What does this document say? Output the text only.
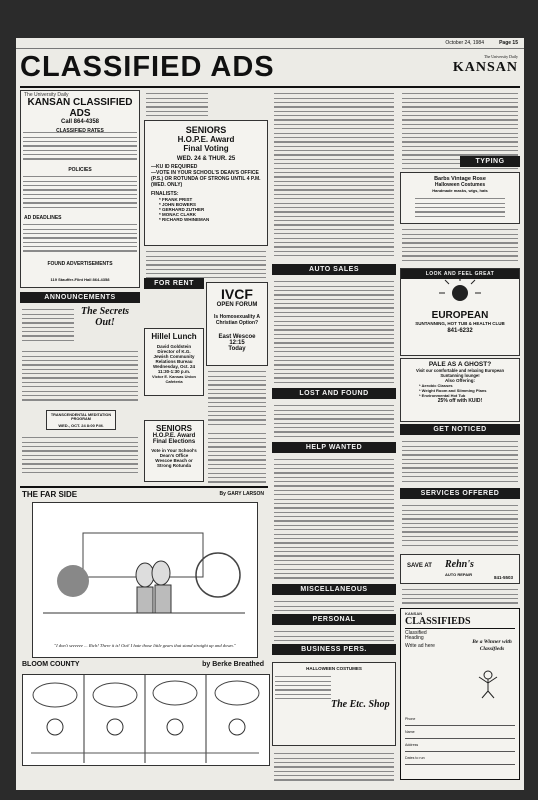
October 24, 1984	Page 15
CLASSIFIED ADS	The University Daily
KANSAN
The University Daily
KANSAN CLASSIFIED ADS
Call 864-4358
POLICIES
AD DEADLINES
FOUND ADVERTISEMENTS
119 Stauffer-Flint Hall 864-4358
ANNOUNCEMENTS
The Secrets Out!
TRANSCENDENTAL MEDITATION PROGRAM
WED., OCT. 24 8:00 P.M.
SENIORS
H.O.P.E. Award
Final Voting
WED. 24 & THUR. 25
—KU ID REQUIRED
—VOTE IN YOUR SCHOOL'S DEAN'S OFFICE (P.S.) OR ROTUNDA OF STRONG UNTIL 4 P.M. (WED. ONLY)
FINALISTS:
* FRANK PRIST
* JOHN BOWERS
* GERHARD ZUTHER
* MONAC CLARK
* RICHARD WHINEMAN
IVCF
OPEN FORUM
Is Homosexuality A Christian Option?
East Wescoe
12:15
Today
Hillel Lunch
David Goldstein
Director of K.G.
Jewish Community
Relations Bureau
Wednesday, Oct. 24
11:30-1:30 p.m.
Victor E. Kansas Union Cafeteria
SENIORS
H.O.P.E. Award
Final Elections
Vote in Your School's
Dean's Office
Wescoe Beach or
Strong Rotunda
THE FAR SIDE	By GARY LARSON
"I don't seeeeee ... Rich! There it is! Oui! I hate those little gears that stand straight up and down."
BLOOM COUNTY	by Berke Breathed
AUTO SALES
LOST AND FOUND
HELP WANTED
MISCELLANEOUS
PERSONAL
BUSINESS PERS.
HALLOWEEN COSTUMES
The Etc. Shop
Barbs Vintage Rose
Halloween Costumes
Handmade masks, wigs, hats
LOOK AND FEEL GREAT
EUROPEAN
SUNTANNING, HOT TUB & HEALTH CLUB
841-6232
PALE AS A GHOST?
Visit our comfortable and relaxing European Suntanning lounge!
Also Offering:
* Aerobic Classes
* Weight Room and Slimming Plans
* Environmental Hot Tub
25% off with KUID!
GET NOTICED
SERVICES OFFERED
SAVE AT Rehn's
AUTO REPAIR
841-5503
KANSAN
CLASSIFIEDS
Classified
Heading
Write ad here
Be a Winner with Classifieds
Phone
Name
Address
Dates to run
FOR RENT
TYPING
